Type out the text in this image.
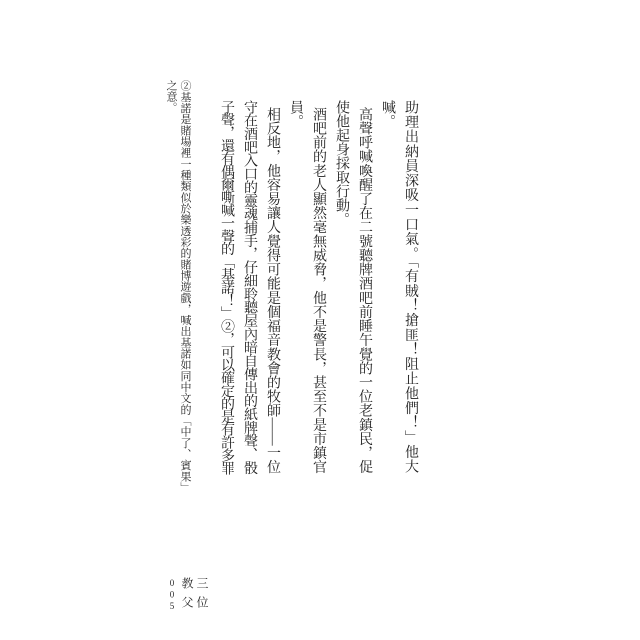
助理出納員深吸一口氣。「有賊！搶匪！阻止他們！」他大
喊。
高聲呼喊喚醒了在二號聽牌酒吧前睡午覺的一位老鎮民，促
使他起身採取行動。
酒吧前的老人顯然毫無威脅，他不是警長，甚至不是市鎮官
員。
相反地，他容易讓人覺得可能是個福音教會的牧師——一位
守在酒吧入口的靈魂捕手，仔細聆聽屋內暗自傳出的紙牌聲、骰
子聲，還有偶爾嘶喊一聲的「基諾！」②，可以確定的是有許多罪
②基諾是賭場裡一種類似於樂透彩的賭博遊戲，喊出基諾如同中文的「中了、賓果」
之意。
三位
教父
005
